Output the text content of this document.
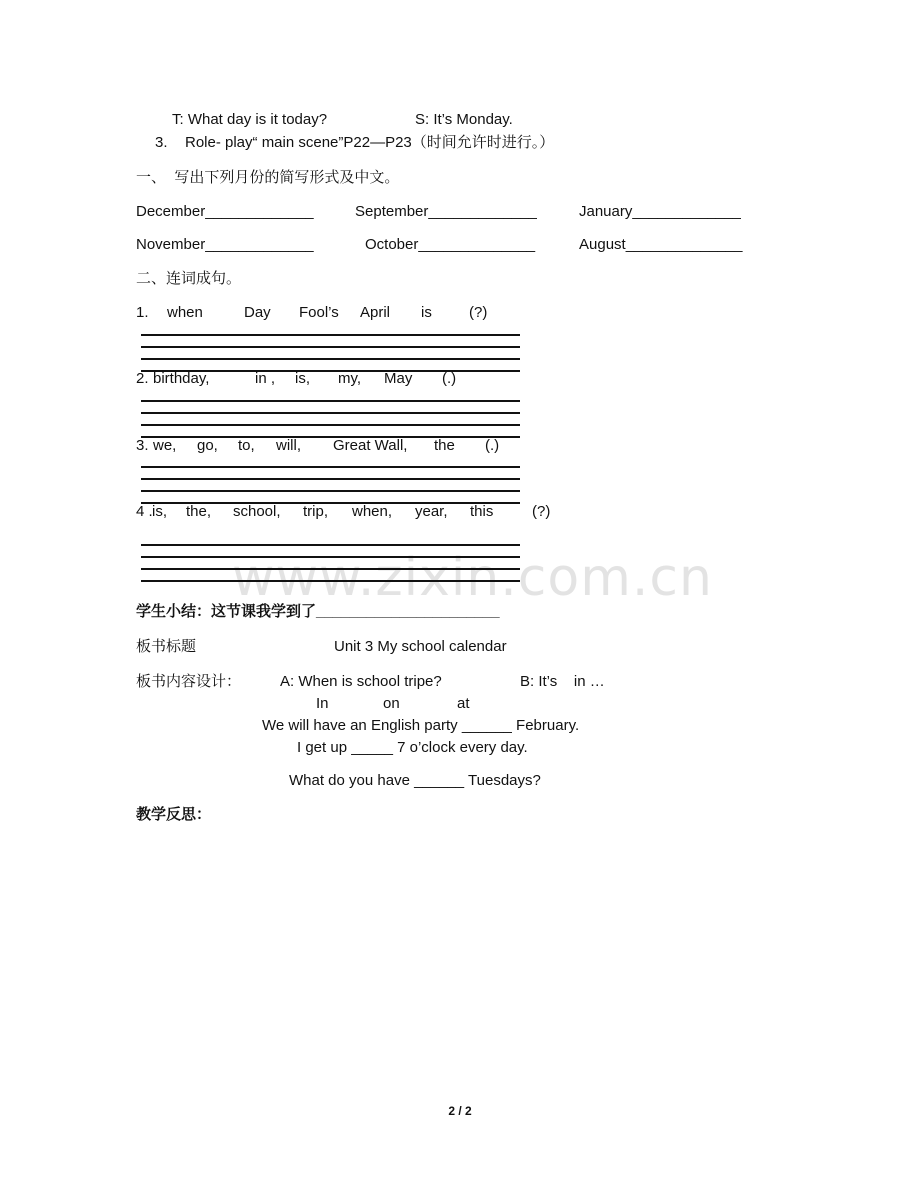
www.zixin.com.cn
T: What day is it today?	S: It’s Monday.
3. Role- play“ main scene”P22—P23（时间允许时进行。）
一、  写出下列月份的简写形式及中文。
December_____________	September_____________	January_____________
November_____________	October______________	August______________
二、连词成句。
1. when	Day Fool’s April is (?)
2. birthday,	in , is, my, May (.)
3. we, go, to, will, Great Wall, the (.)
4 . is, the, school, trip, when, year, this	(?)
学生小结：这节课我学到了______________________
板书标题	Unit 3 My school calendar
板书内容设计：	A: When is school tripe?	B: It’s    in …
In	on	at
We will have an English party ______ February.
I get up _____ 7 o’clock every day.
What do you have ______ Tuesdays?
教学反思：
2 / 2
